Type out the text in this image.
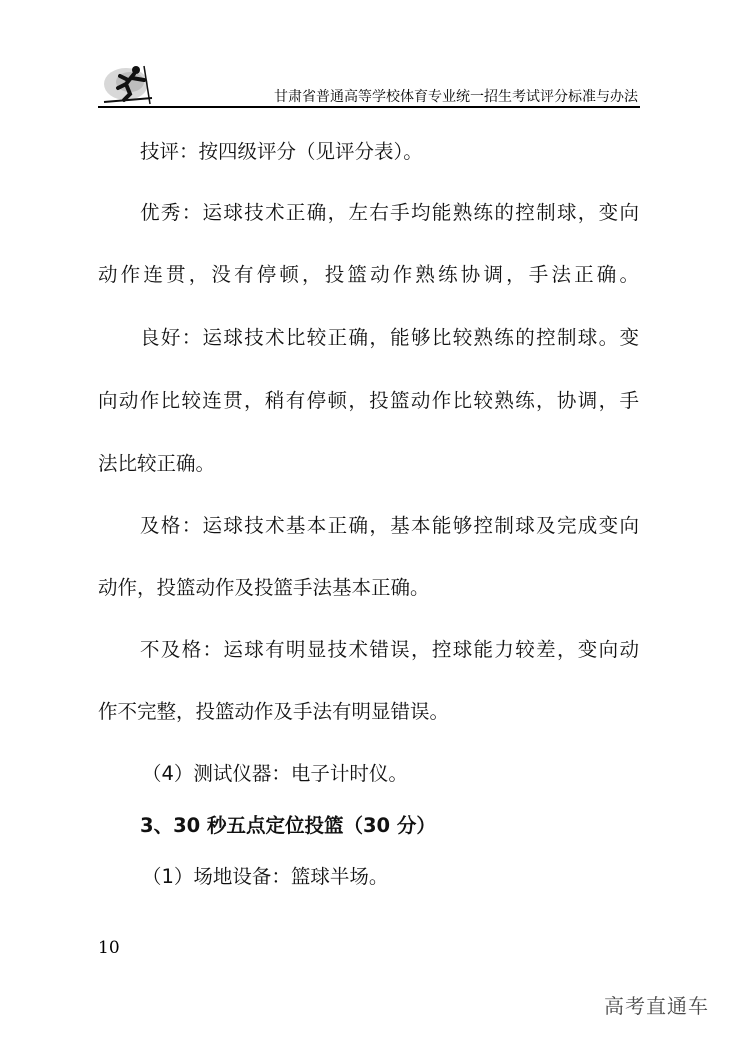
甘肃省普通高等学校体育专业统一招生考试评分标准与办法
技评：按四级评分（见评分表）。
优秀：运球技术正确，左右手均能熟练的控制球，变向
动作连贯，没有停顿，投篮动作熟练协调，手法正确。
良好：运球技术比较正确，能够比较熟练的控制球。变
向动作比较连贯，稍有停顿，投篮动作比较熟练，协调，手
法比较正确。
及格：运球技术基本正确，基本能够控制球及完成变向
动作，投篮动作及投篮手法基本正确。
不及格：运球有明显技术错误，控球能力较差，变向动
作不完整，投篮动作及手法有明显错误。
（4）测试仪器：电子计时仪。
3、30 秒五点定位投篮（30 分）
（1）场地设备：篮球半场。
10
高考直通车
